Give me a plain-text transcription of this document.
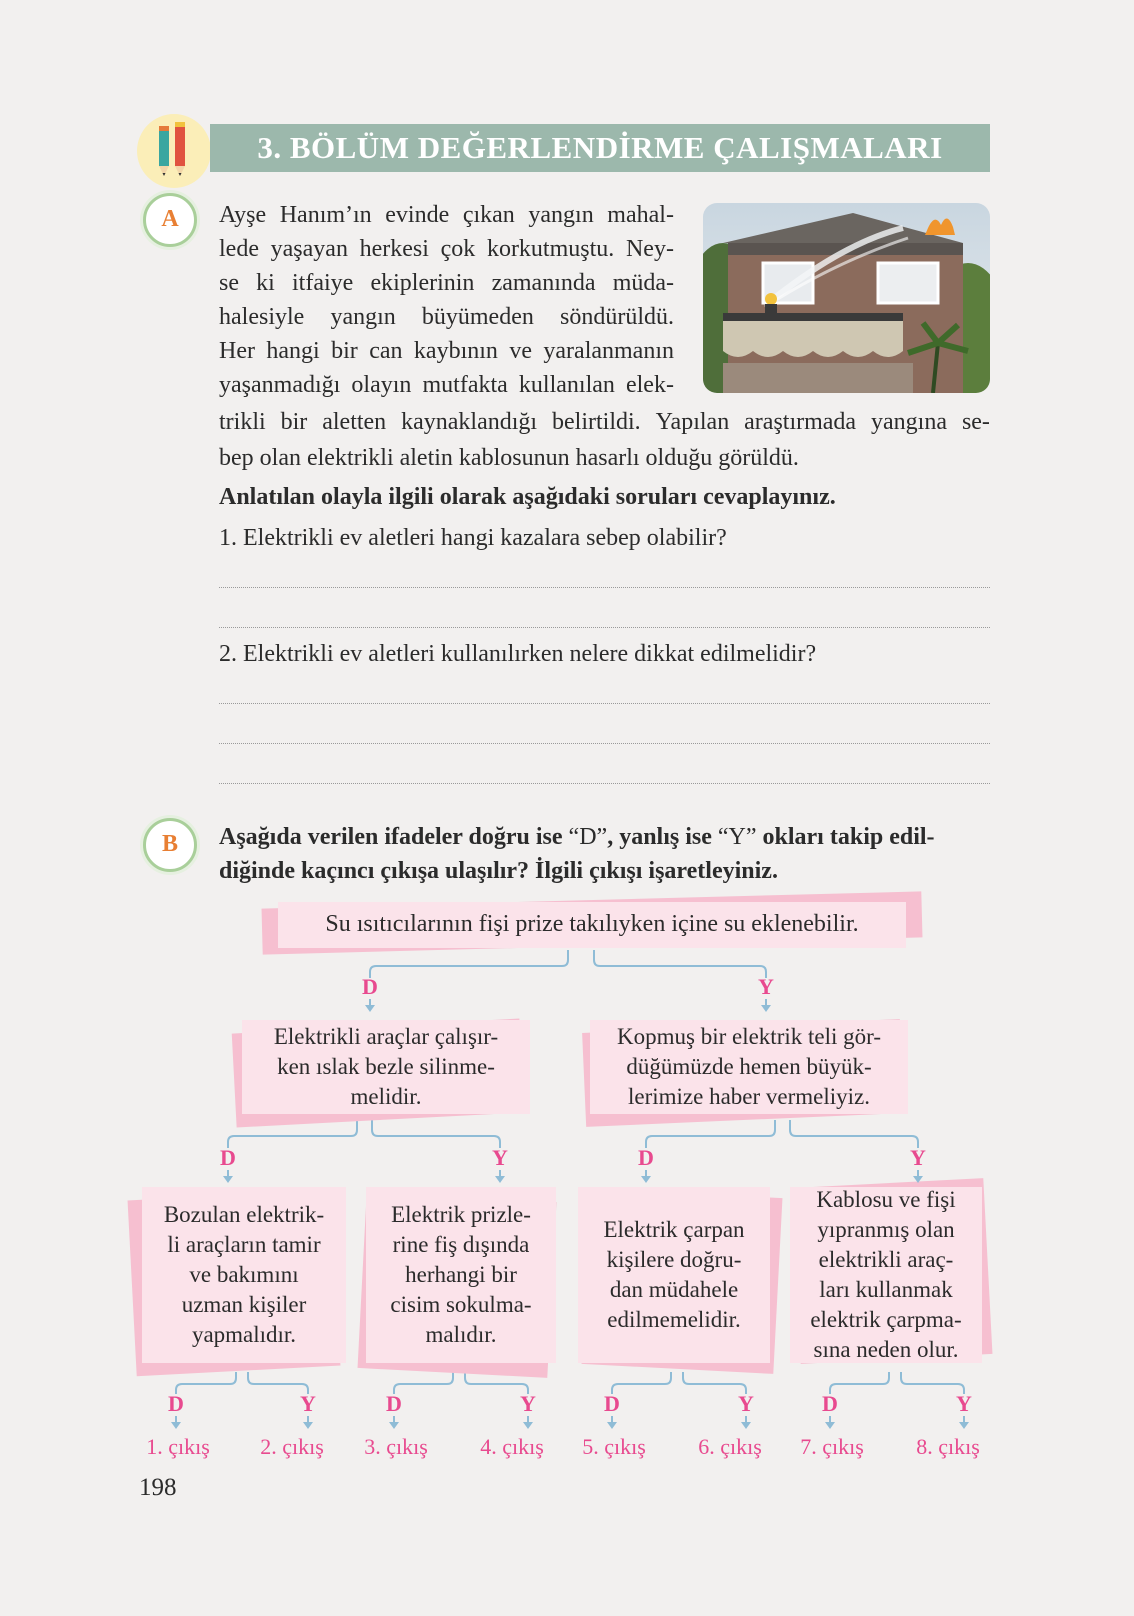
3. BÖLÜM DEĞERLENDİRME ÇALIŞMALARI
A	Ayşe Hanım’ın evinde çıkan yangın mahal-
lede yaşayan herkesi çok korkutmuştu. Ney-
se ki itfaiye ekiplerinin zamanında müda-
halesiyle yangın büyümeden söndürüldü.
Her hangi bir can kaybının ve yaralanmanın
yaşanmadığı olayın mutfakta kullanılan elek-
trikli bir aletten kaynaklandığı belirtildi. Yapılan araştırmada yangına se-
bep olan elektrikli aletin kablosunun hasarlı olduğu görüldü.
Anlatılan olayla ilgili olarak aşağıdaki soruları cevaplayınız.
1. Elektrikli ev aletleri hangi kazalara sebep olabilir?
2. Elektrikli ev aletleri kullanılırken nelere dikkat edilmelidir?
B	Aşağıda verilen ifadeler doğru ise “D”, yanlış ise “Y” okları takip edil-
diğinde kaçıncı çıkışa ulaşılır? İlgili çıkışı işaretleyiniz.
Su ısıtıcılarının fişi prize takılıyken içine su eklenebilir.
Elektrikli araçlar çalışır-
ken ıslak bezle silinme-
melidir.
Kopmuş bir elektrik teli gör-
düğümüzde hemen büyük-
lerimize haber vermeliyiz.
Bozulan elektrik-
li araçların tamir
ve bakımını
uzman kişiler
yapmalıdır.
Elektrik prizle-
rine fiş dışında
herhangi bir
cisim sokulma-
malıdır.
Elektrik çarpan
kişilere doğru-
dan müdahele
edilmemelidir.
Kablosu ve fişi
yıpranmış olan
elektrikli araç-
ları kullanmak
elektrik çarpma-
sına neden olur.
D	Y
D	Y	D	Y
D	Y	D	Y	D	Y	D	Y
1. çıkış	2. çıkış	3. çıkış	4. çıkış	5. çıkış	6. çıkış	7. çıkış	8. çıkış
198
